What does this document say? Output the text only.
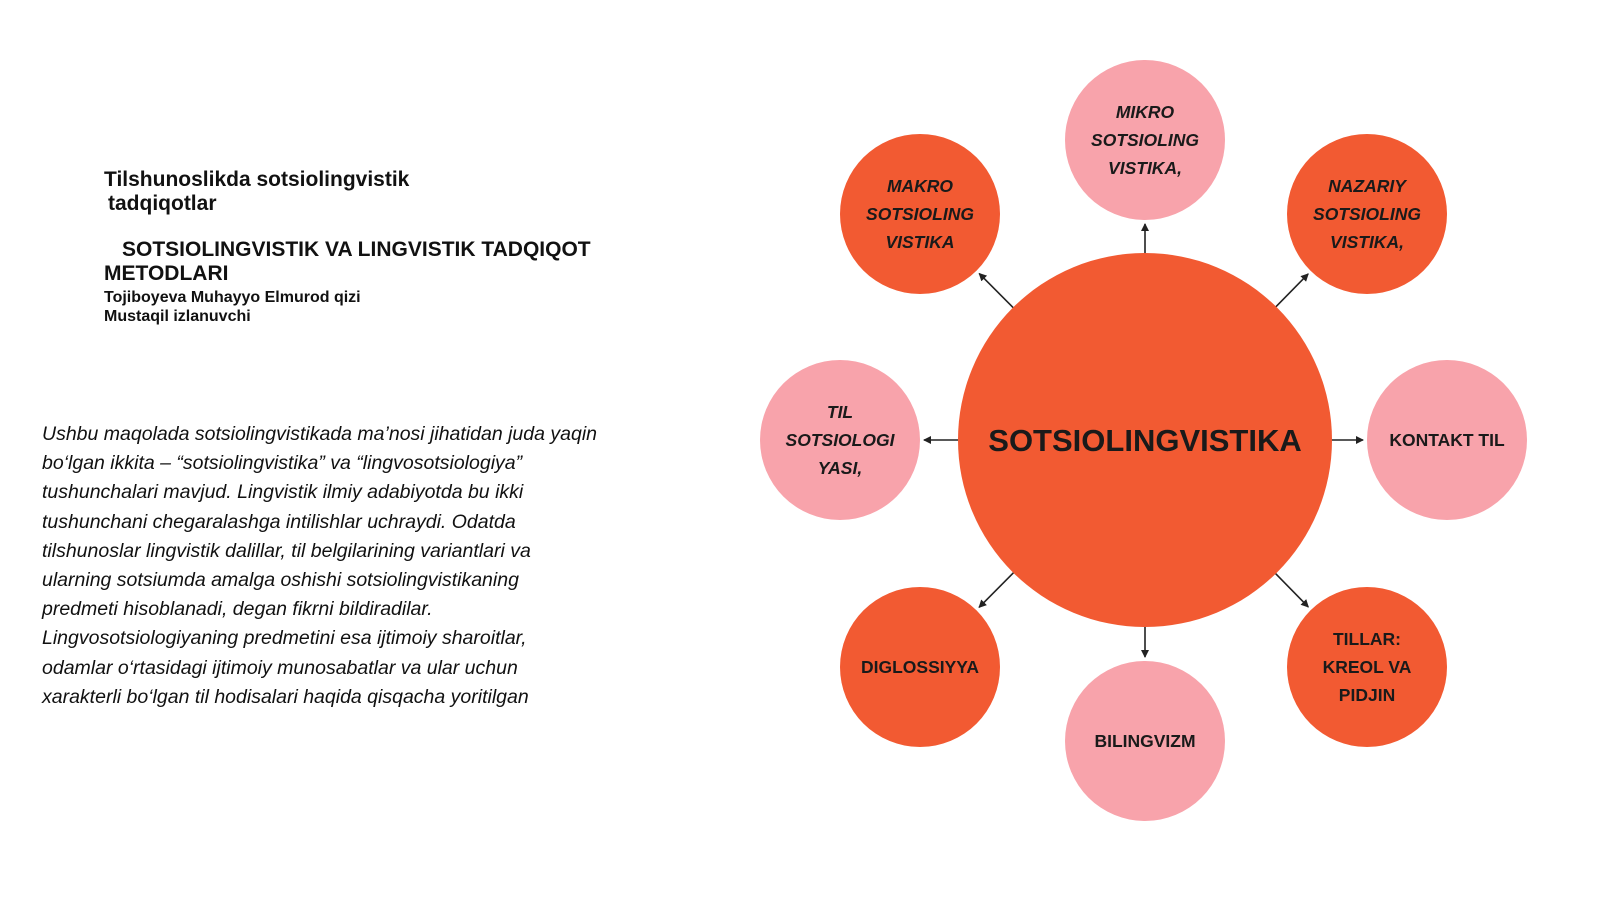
Tilshunoslikda sotsiolingvistik

tadqiqotlar

SOTSIOLINGVISTIK VA LINGVISTIK TADQIQOT
METODLARI

Tojiboyeva Muhayyo Elmurod qizi
Mustaqil izlanuvchi

Ushbu maqolada sotsiolingvistikada ma’nosi jihatidan juda yaqin
bo‘lgan ikkita – “sotsiolingvistika” va “lingvosotsiologiya”
tushunchalari mavjud. Lingvistik ilmiy adabiyotda bu ikki
tushunchani chegaralashga intilishlar uchraydi. Odatda
tilshunoslar lingvistik dalillar, til belgilarining variantlari va
ularning sotsiumda amalga oshishi sotsiolingvistikaning
predmeti hisoblanadi, degan fikrni bildiradilar.
Lingvosotsiologiyaning predmetini esa ijtimoiy sharoitlar,
odamlar o‘rtasidagi ijtimoiy munosabatlar va ular uchun
xarakterli bo‘lgan til hodisalari haqida qisqacha yoritilgan
SOTSIOLINGVISTIKA
MIKRO
SOTSIOLING
VISTIKA,
NAZARIY
SOTSIOLING
VISTIKA,
KONTAKT TIL
TILLAR:
KREOL VA
PIDJIN
BILINGVIZM
DIGLOSSIYYA
TIL
SOTSIOLOGI
YASI,
MAKRO
SOTSIOLING
VISTIKA
